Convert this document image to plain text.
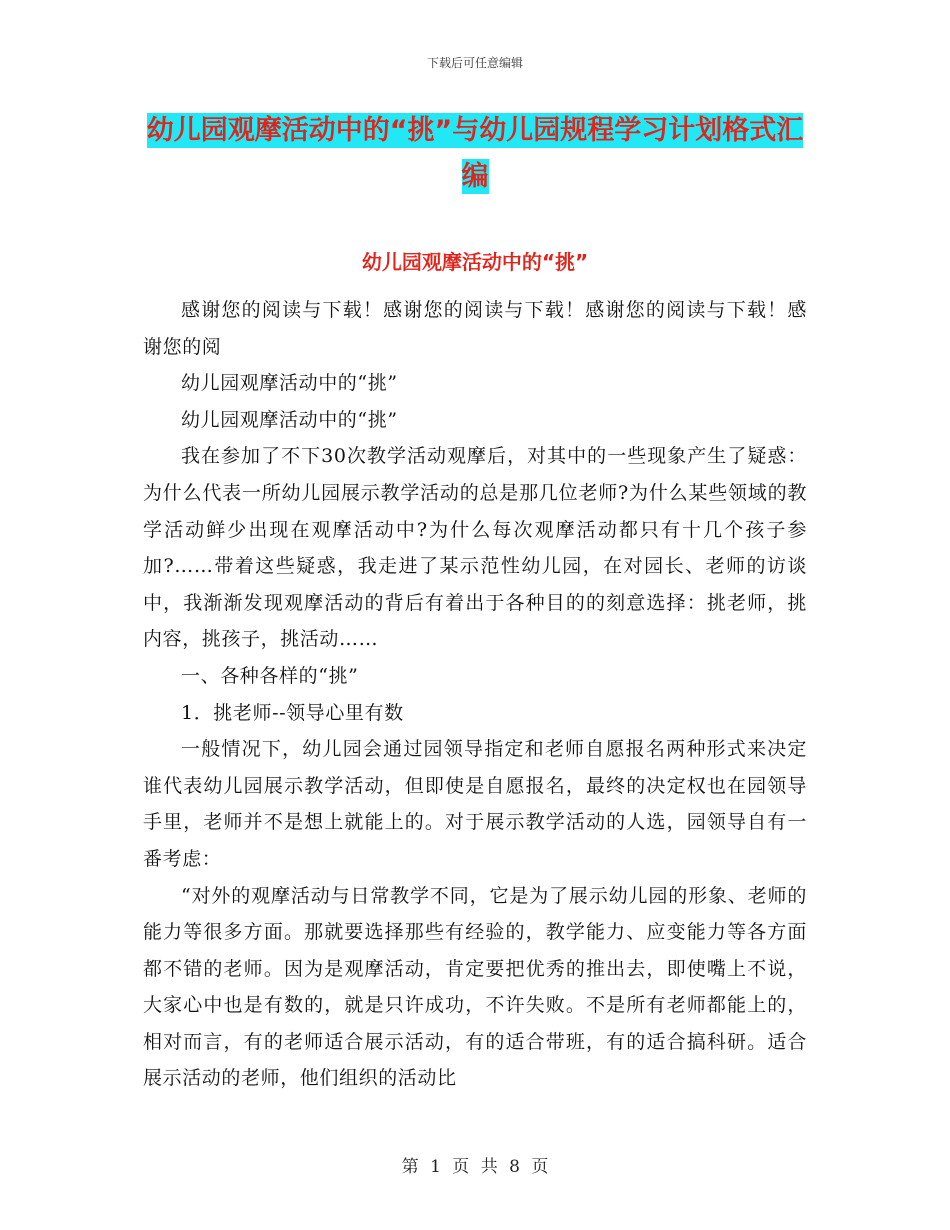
下载后可任意编辑
幼儿园观摩活动中的“挑”与幼儿园规程学习计划格式汇编
幼儿园观摩活动中的“挑”

感谢您的阅读与下载！感谢您的阅读与下载！感谢您的阅读与下载！感谢您的阅

幼儿园观摩活动中的“挑”

幼儿园观摩活动中的“挑”

我在参加了不下30次教学活动观摩后，对其中的一些现象产生了疑惑：为什么代表一所幼儿园展示教学活动的总是那几位老师?为什么某些领域的教学活动鲜少出现在观摩活动中?为什么每次观摩活动都只有十几个孩子参加?……带着这些疑惑，我走进了某示范性幼儿园，在对园长、老师的访谈中，我渐渐发现观摩活动的背后有着出于各种目的的刻意选择：挑老师，挑内容，挑孩子，挑活动……

一、各种各样的“挑”

1．挑老师--领导心里有数

一般情况下，幼儿园会通过园领导指定和老师自愿报名两种形式来决定谁代表幼儿园展示教学活动，但即使是自愿报名，最终的决定权也在园领导手里，老师并不是想上就能上的。对于展示教学活动的人选，园领导自有一番考虑：

“对外的观摩活动与日常教学不同，它是为了展示幼儿园的形象、老师的能力等很多方面。那就要选择那些有经验的，教学能力、应变能力等各方面都不错的老师。因为是观摩活动，肯定要把优秀的推出去，即使嘴上不说，大家心中也是有数的，就是只许成功，不许失败。不是所有老师都能上的，相对而言，有的老师适合展示活动，有的适合带班，有的适合搞科研。适合展示活动的老师，他们组织的活动比

第 1 页 共 8 页
